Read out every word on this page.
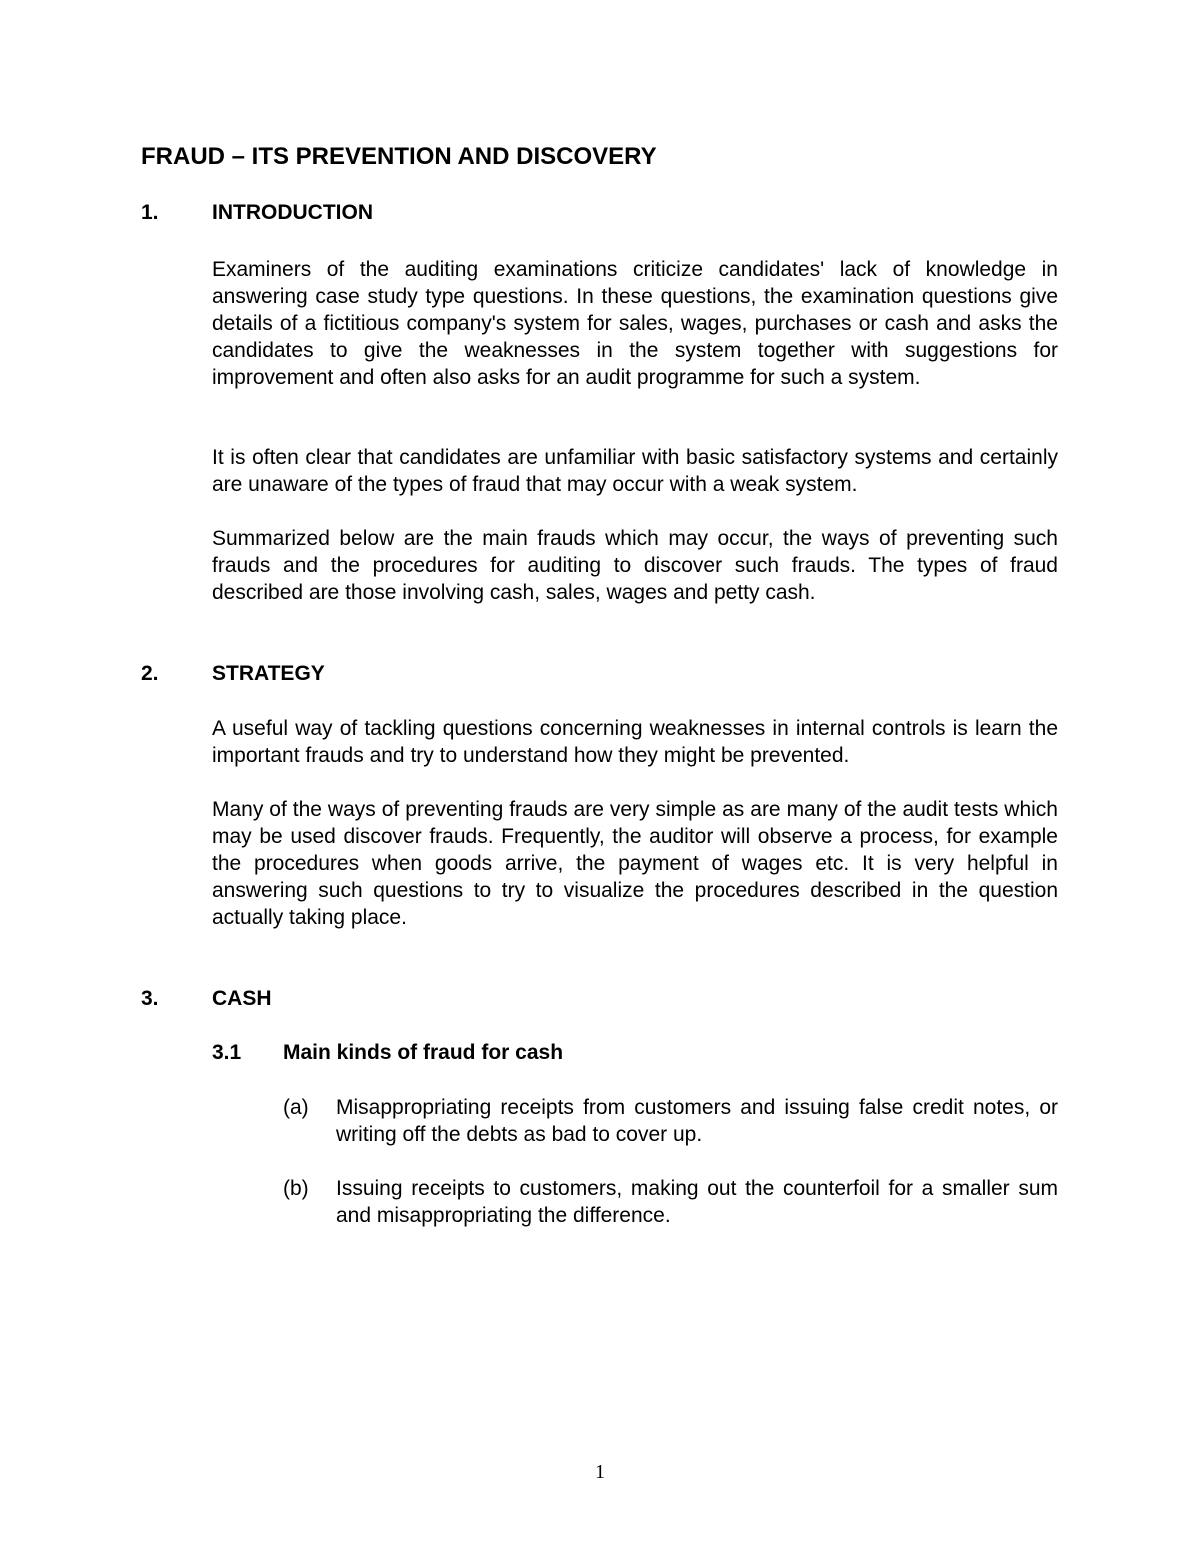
FRAUD – ITS PREVENTION AND DISCOVERY
1.	INTRODUCTION

Examiners of the auditing examinations criticize candidates' lack of knowledge in answering case study type questions. In these questions, the examination questions give details of a fictitious company's system for sales, wages, purchases or cash and asks the candidates to give the weaknesses in the system together with suggestions for improvement and often also asks for an audit programme for such a system.

It is often clear that candidates are unfamiliar with basic satisfactory systems and certainly are unaware of the types of fraud that may occur with a weak system.

Summarized below are the main frauds which may occur, the ways of preventing such frauds and the procedures for auditing to discover such frauds. The types of fraud described are those involving cash, sales, wages and petty cash.

2.	STRATEGY

A useful way of tackling questions concerning weaknesses in internal controls is learn the important frauds and try to understand how they might be prevented.

Many of the ways of preventing frauds are very simple as are many of the audit tests which may be used discover frauds. Frequently, the auditor will observe a process, for example the procedures when goods arrive, the payment of wages etc. It is very helpful in answering such questions to try to visualize the procedures described in the question actually taking place.

3.	CASH
3.1 Main kinds of fraud for cash
(a) Misappropriating receipts from customers and issuing false credit notes, or writing off the debts as bad to cover up.
(b) Issuing receipts to customers, making out the counterfoil for a smaller sum and misappropriating the difference.
1
